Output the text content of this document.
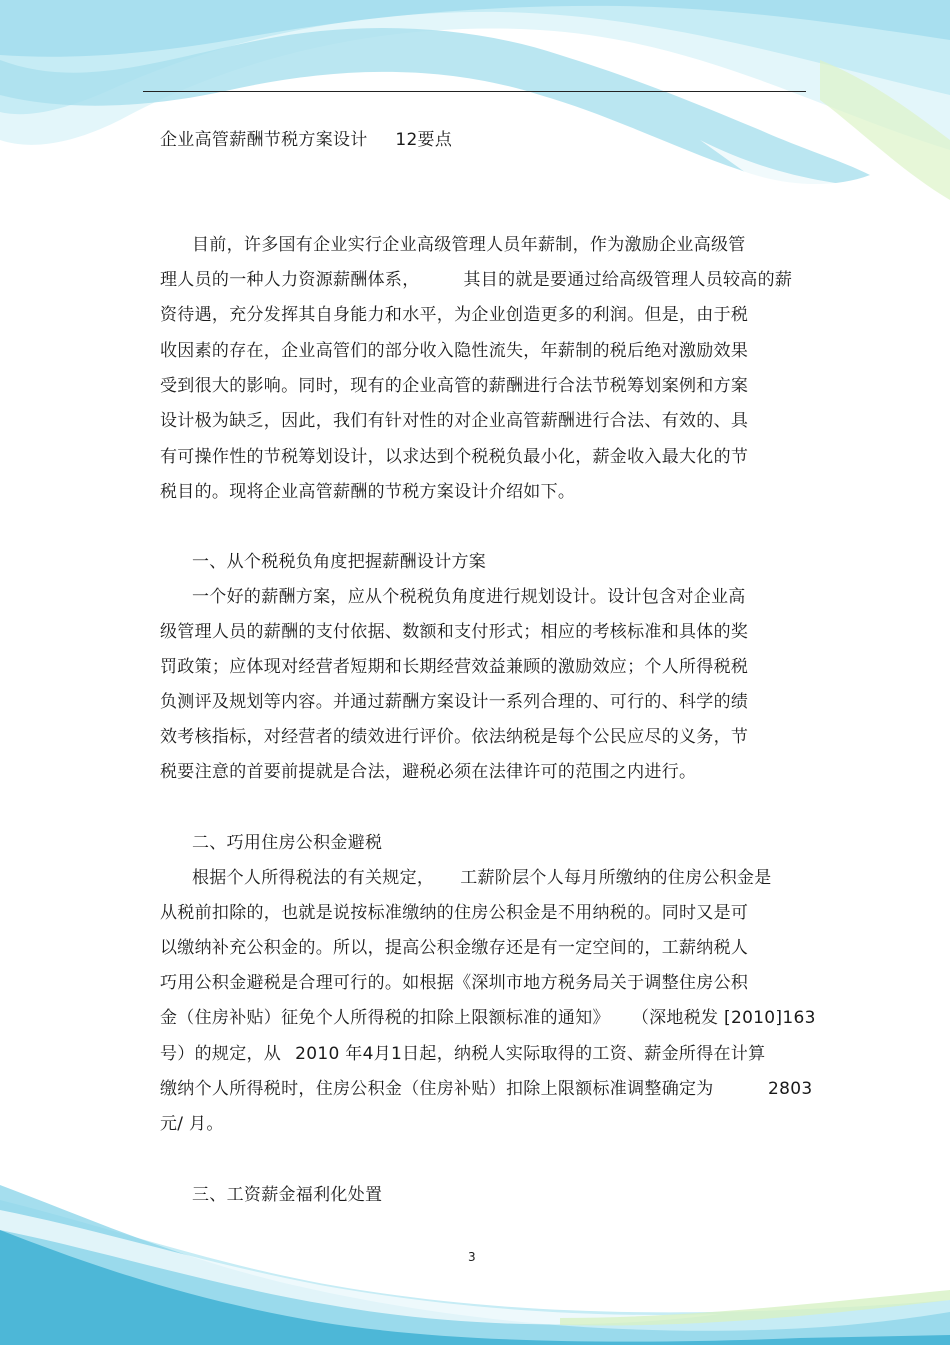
企业高管薪酬节税方案设计 12要点
目前，许多国有企业实行企业高级管理人员年薪制，作为激励企业高级管
理人员的一种人力资源薪酬体系，	其目的就是要通过给高级管理人员较高的薪
资待遇，充分发挥其自身能力和水平，为企业创造更多的利润。但是，由于税
收因素的存在，企业高管们的部分收入隐性流失，年薪制的税后绝对激励效果
受到很大的影响。同时，现有的企业高管的薪酬进行合法节税筹划案例和方案
设计极为缺乏，因此，我们有针对性的对企业高管薪酬进行合法、有效的、具
有可操作性的节税筹划设计，以求达到个税税负最小化，薪金收入最大化的节
税目的。现将企业高管薪酬的节税方案设计介绍如下。
一、从个税税负角度把握薪酬设计方案
一个好的薪酬方案，应从个税税负角度进行规划设计。设计包含对企业高
级管理人员的薪酬的支付依据、数额和支付形式；相应的考核标准和具体的奖
罚政策；应体现对经营者短期和长期经营效益兼顾的激励效应；个人所得税税
负测评及规划等内容。并通过薪酬方案设计一系列合理的、可行的、科学的绩
效考核指标，对经营者的绩效进行评价。依法纳税是每个公民应尽的义务，节
税要注意的首要前提就是合法，避税必须在法律许可的范围之内进行。
二、巧用住房公积金避税
根据个人所得税法的有关规定， 工薪阶层个人每月所缴纳的住房公积金是
从税前扣除的，也就是说按标准缴纳的住房公积金是不用纳税的。同时又是可
以缴纳补充公积金的。所以，提高公积金缴存还是有一定空间的，工薪纳税人
巧用公积金避税是合理可行的。如根据《深圳市地方税务局关于调整住房公积
金（住房补贴）征免个人所得税的扣除上限额标准的通知》 （深地税发 [2010]163
号）的规定，从 2010 年4月1日起，纳税人实际取得的工资、薪金所得在计算
缴纳个人所得税时，住房公积金（住房补贴）扣除上限额标准调整确定为	2803
元/ 月。
三、工资薪金福利化处置
3
